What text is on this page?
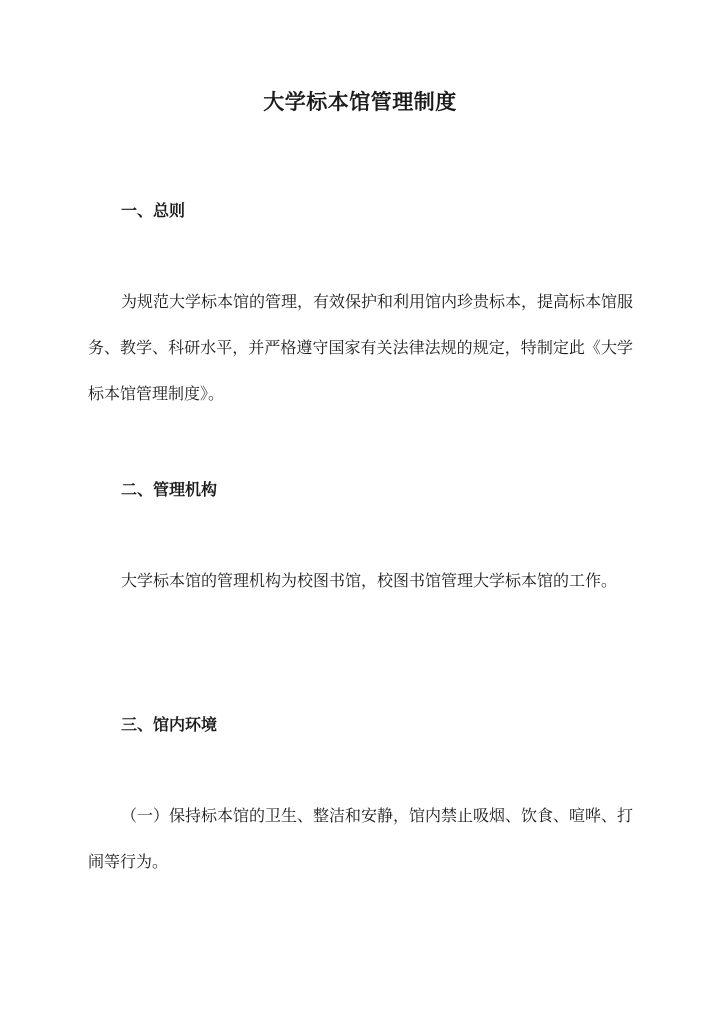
大学标本馆管理制度
一、总则

为规范大学标本馆的管理，有效保护和利用馆内珍贵标本，提高标本馆服务、教学、科研水平，并严格遵守国家有关法律法规的规定，特制定此《大学标本馆管理制度》。

二、管理机构

大学标本馆的管理机构为校图书馆，校图书馆管理大学标本馆的工作。

三、馆内环境

（一）保持标本馆的卫生、整洁和安静，馆内禁止吸烟、饮食、喧哗、打闹等行为。
